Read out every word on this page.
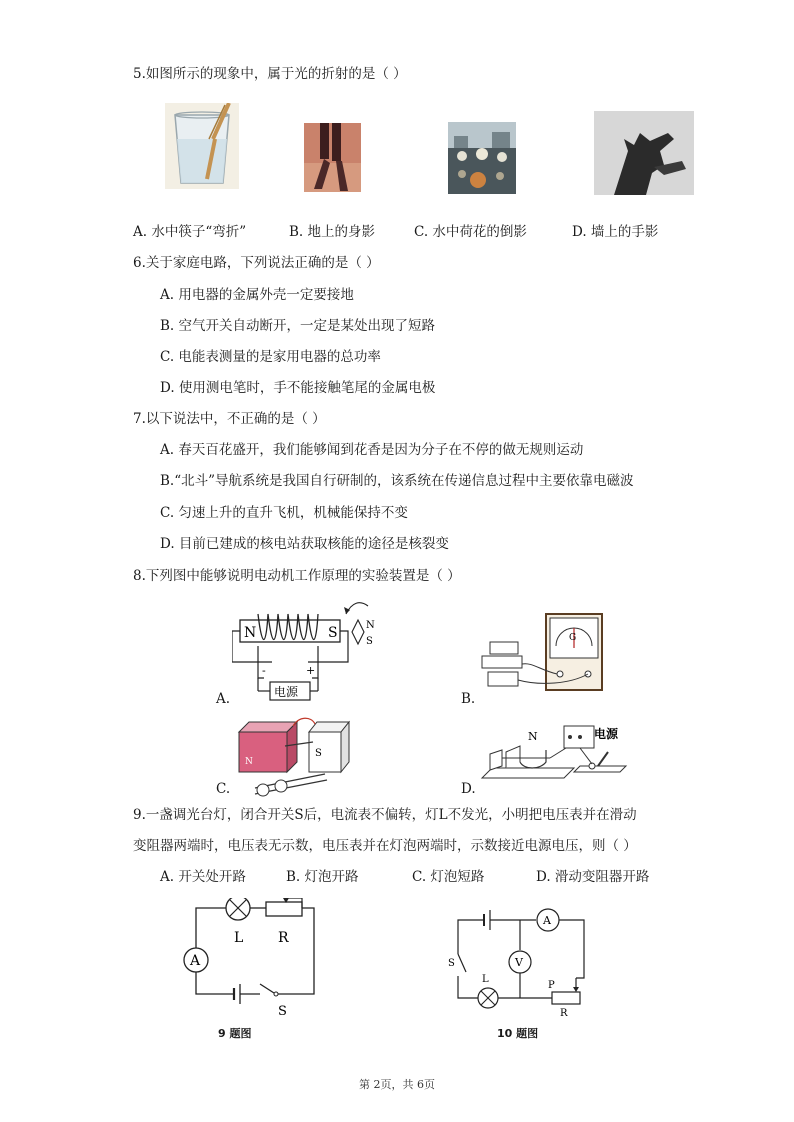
5.如图所示的现象中，属于光的折射的是（ ）
A. 水中筷子“弯折”	B. 地上的身影	C. 水中荷花的倒影	D. 墙上的手影
6.关于家庭电路，下列说法正确的是（ ）
A. 用电器的金属外壳一定要接地
B. 空气开关自动断开，一定是某处出现了短路
C. 电能表测量的是家用电器的总功率
D. 使用测电笔时，手不能接触笔尾的金属电极
7.以下说法中，不正确的是（ ）
A. 春天百花盛开，我们能够闻到花香是因为分子在不停的做无规则运动
B.“北斗”导航系统是我国自行研制的，该系统在传递信息过程中主要依靠电磁波
C. 匀速上升的直升飞机，机械能保持不变
D. 目前已建成的核电站获取核能的途径是核裂变
8.下列图中能够说明电动机工作原理的实验装置是（ ）
A.
N	S
-	+
电源
N
S
B.
G
C.
N
S
D.
N	电源
9.一盏调光台灯，闭合开关S后，电流表不偏转，灯L不发光，小明把电压表并在滑动
变阻器两端时，电压表无示数，电压表并在灯泡两端时，示数接近电源电压，则（ ）
A. 开关处开路	B. 灯泡开路	C. 灯泡短路	D. 滑动变阻器开路
A
L R
S
9 题图
A
V
S
L
P
R
10 题图
第 2页，共 6页
